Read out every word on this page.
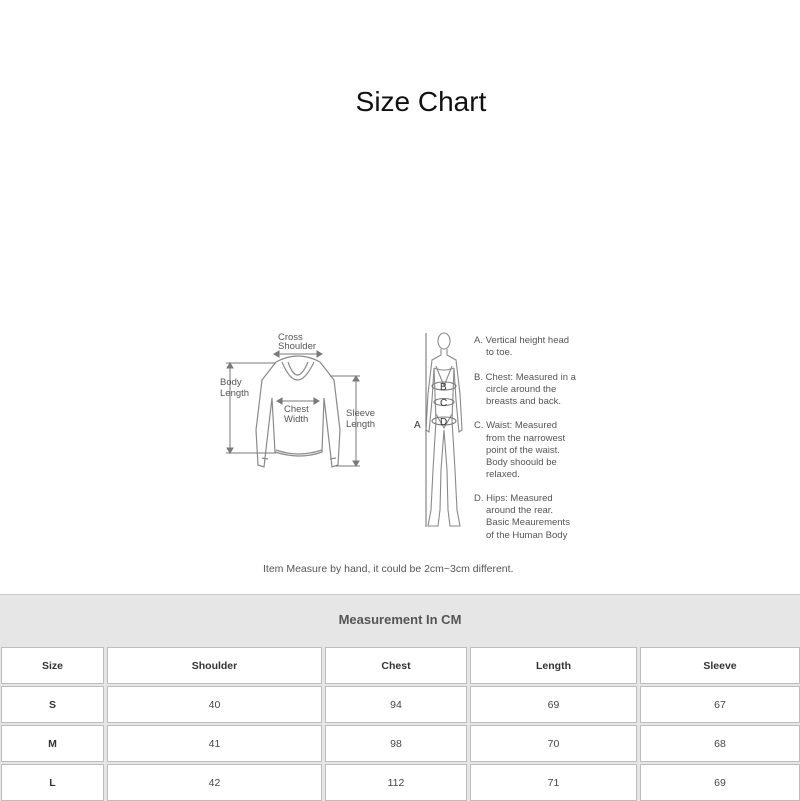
Size Chart
Cross
Shoulder
Body
Length
Chest
Width
Sleeve
Length
B
C
D
A
A. Vertical height head
to toe.
B. Chest: Measured in a
circle around the
breasts and back.
C. Waist: Measured
from the narrowest
point of the waist.
Body shoould be
relaxed.
D. Hips: Measured
around the rear.
Basic Meaurements
of the Human Body
Item Measure by hand, it could be 2cm~3cm different.
Measurement In CM
Size	Shoulder	Chest	Length	Sleeve
S	40	94	69	67
M	41	98	70	68
L	42	112	71	69
